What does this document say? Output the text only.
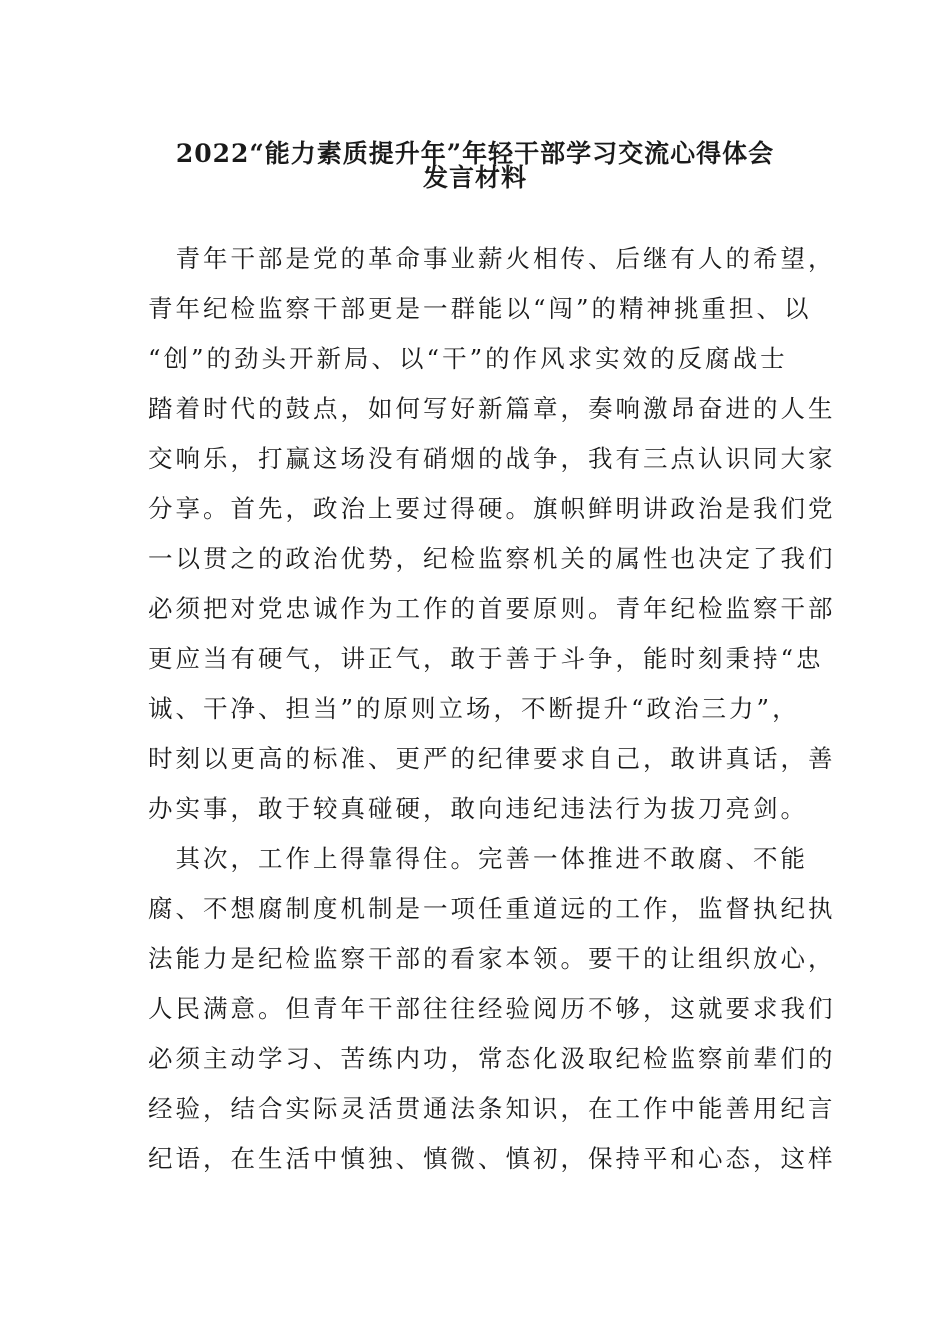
2022“能力素质提升年”年轻干部学习交流心得体会
发言材料
　青年干部是党的革命事业薪火相传、后继有人的希望，
青年纪检监察干部更是一群能以“闯”的精神挑重担、以
“创”的劲头开新局、以“干”的作风求实效的反腐战士
踏着时代的鼓点，如何写好新篇章，奏响激昂奋进的人生
交响乐，打赢这场没有硝烟的战争，我有三点认识同大家
分享。首先，政治上要过得硬。旗帜鲜明讲政治是我们党
一以贯之的政治优势，纪检监察机关的属性也决定了我们
必须把对党忠诚作为工作的首要原则。青年纪检监察干部
更应当有硬气，讲正气，敢于善于斗争，能时刻秉持“忠
诚、干净、担当”的原则立场，不断提升“政治三力”，
时刻以更高的标准、更严的纪律要求自己，敢讲真话，善
办实事，敢于较真碰硬，敢向违纪违法行为拔刀亮剑。
　其次，工作上得靠得住。完善一体推进不敢腐、不能
腐、不想腐制度机制是一项任重道远的工作，监督执纪执
法能力是纪检监察干部的看家本领。要干的让组织放心，
人民满意。但青年干部往往经验阅历不够，这就要求我们
必须主动学习、苦练内功，常态化汲取纪检监察前辈们的
经验，结合实际灵活贯通法条知识，在工作中能善用纪言
纪语，在生活中慎独、慎微、慎初，保持平和心态，这样
